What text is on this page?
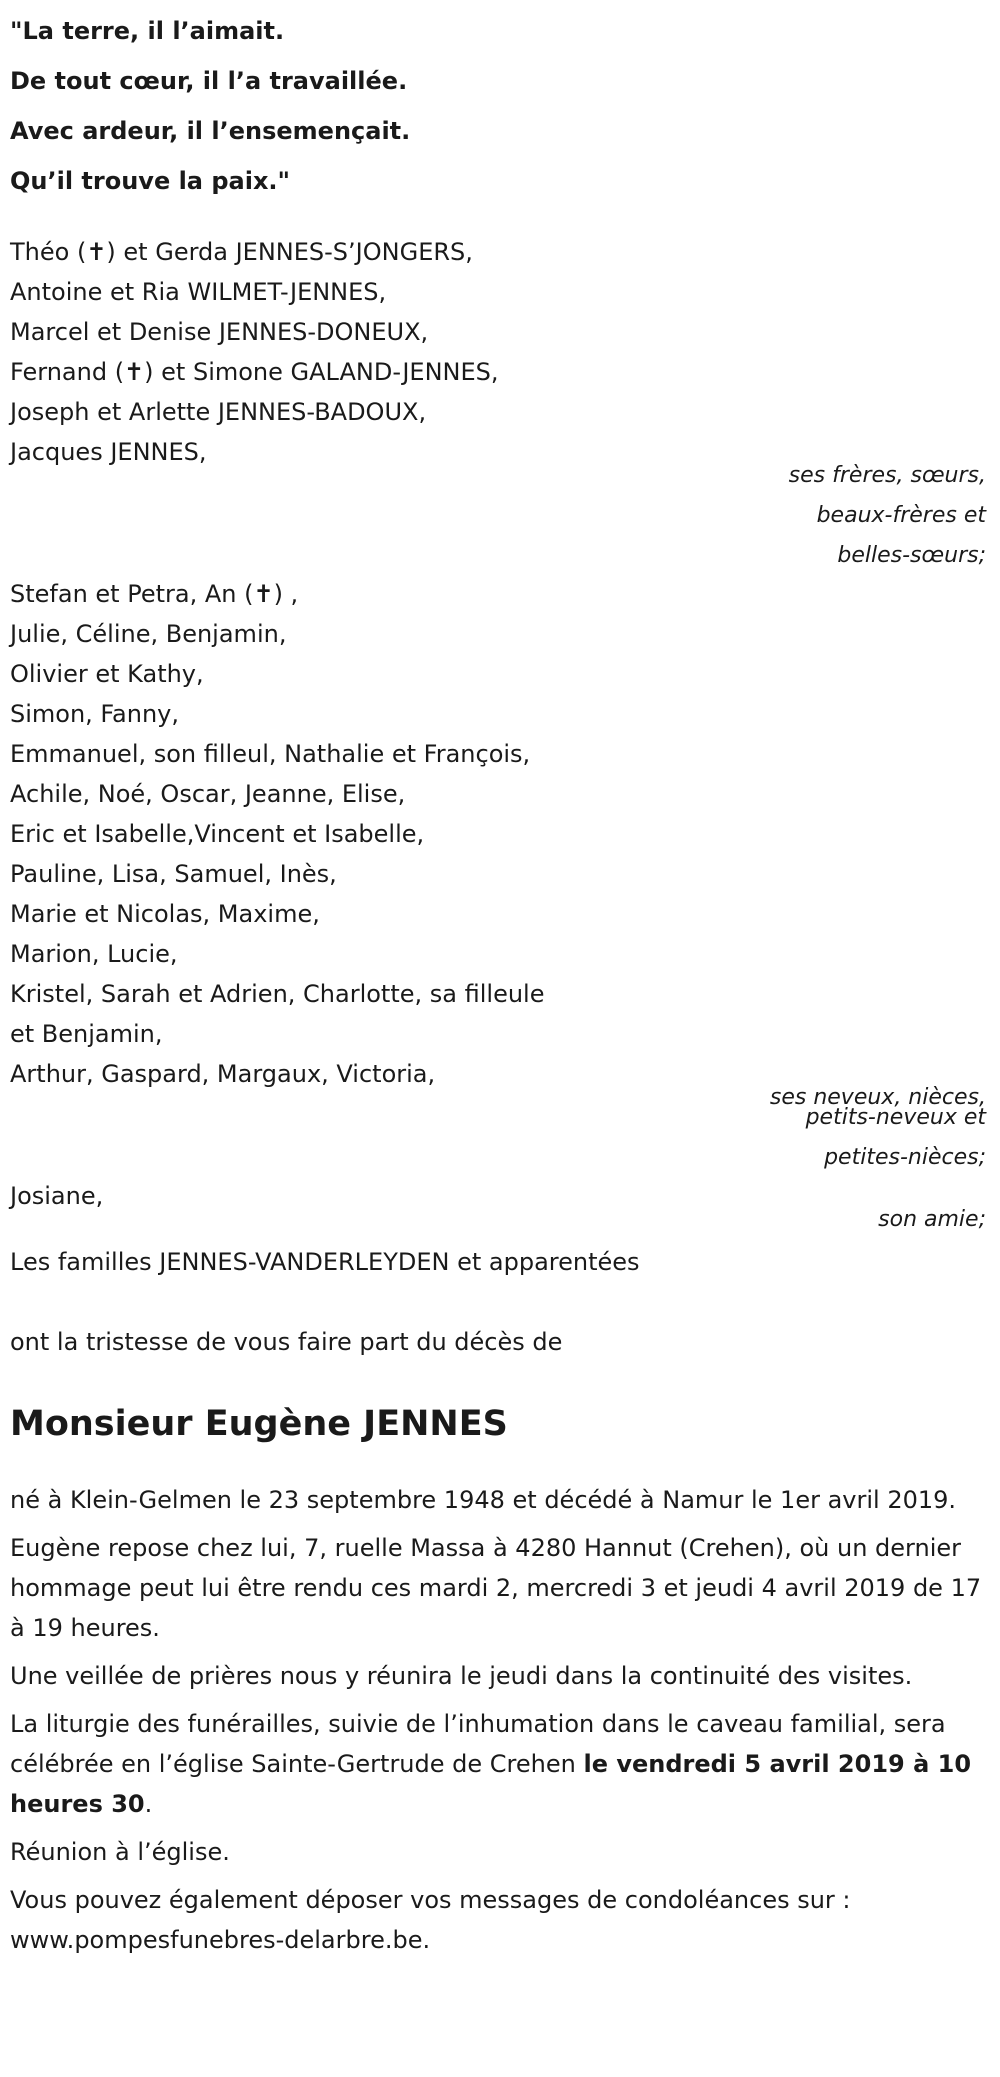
"La terre, il l’aimait.
De tout cœur, il l’a travaillée.
Avec ardeur, il l’ensemençait.
Qu’il trouve la paix."
Théo (✝) et Gerda JENNES-S’JONGERS,
Antoine et Ria WILMET-JENNES,
Marcel et Denise JENNES-DONEUX,
Fernand (✝) et Simone GALAND-JENNES,
Joseph et Arlette JENNES-BADOUX,
Jacques JENNES,
ses frères, sœurs,
beaux-frères et
belles-sœurs;
Stefan et Petra, An (✝) ,
Julie, Céline, Benjamin,
Olivier et Kathy,
Simon, Fanny,
Emmanuel, son filleul, Nathalie et François,
Achile, Noé, Oscar, Jeanne, Elise,
Eric et Isabelle,Vincent et Isabelle,
Pauline, Lisa, Samuel, Inès,
Marie et Nicolas, Maxime,
Marion, Lucie,
Kristel, Sarah et Adrien, Charlotte, sa filleule
et Benjamin,
Arthur, Gaspard, Margaux, Victoria,
ses neveux, nièces,
petits-neveux et
petites-nièces;
Josiane,
son amie;
Les familles JENNES-VANDERLEYDEN et apparentées
ont la tristesse de vous faire part du décès de
Monsieur Eugène JENNES
né à Klein-Gelmen le 23 septembre 1948 et décédé à Namur le 1er avril 2019.
Eugène repose chez lui, 7, ruelle Massa à 4280 Hannut (Crehen), où un dernier hommage peut lui être rendu ces mardi 2, mercredi 3 et jeudi 4 avril 2019 de 17 à 19 heures.
Une veillée de prières nous y réunira le jeudi dans la continuité des visites.
La liturgie des funérailles, suivie de l’inhumation dans le caveau familial, sera célébrée en l’église Sainte-Gertrude de Crehen le vendredi 5 avril 2019 à 10 heures 30.
Réunion à l’église.
Vous pouvez également déposer vos messages de condoléances sur : www.pompesfunebres-delarbre.be.
